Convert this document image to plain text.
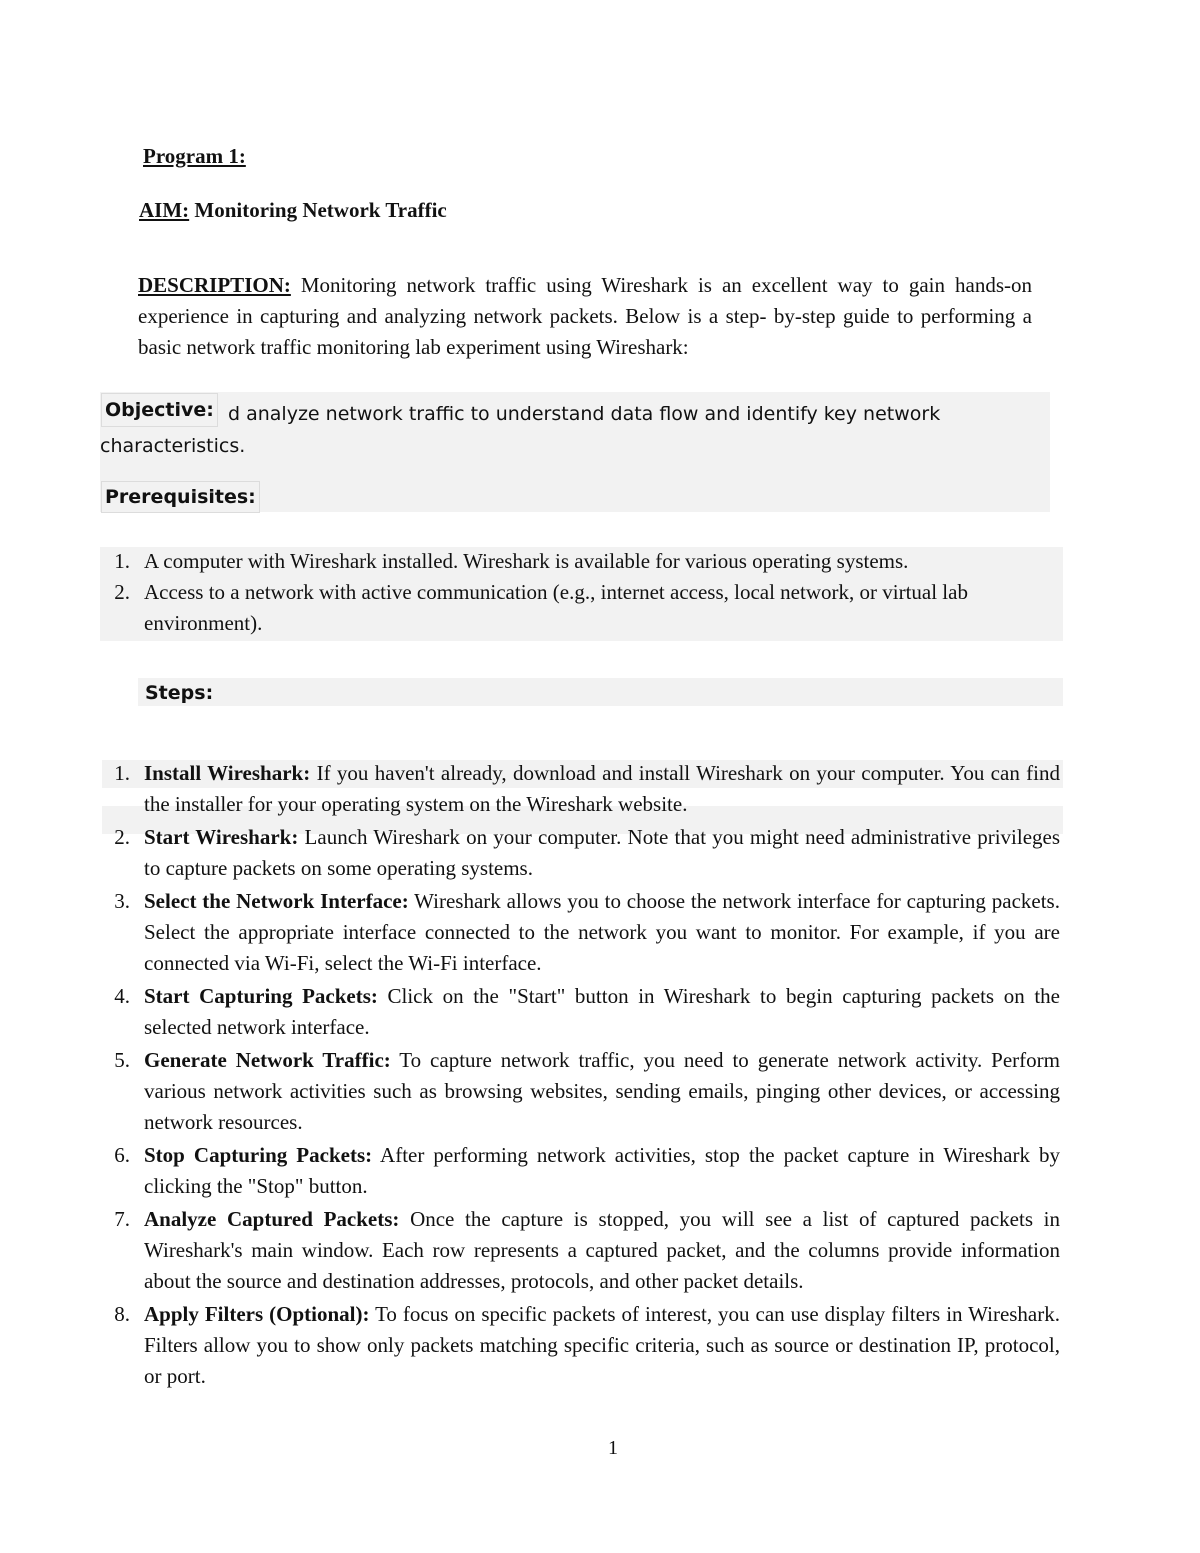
Program 1:
AIM: Monitoring Network Traffic
DESCRIPTION: Monitoring network traffic using Wireshark is an excellent way to gain hands-on experience in capturing and analyzing network packets. Below is a step- by-step guide to performing a basic network traffic monitoring lab experiment using Wireshark:
d analyze network traffic to understand data flow and identify key network characteristics.
Objective:
Prerequisites:
1. A computer with Wireshark installed. Wireshark is available for various operating systems.
2. Access to a network with active communication (e.g., internet access, local network, or virtual lab environment).
Steps:
1. Install Wireshark: If you haven't already, download and install Wireshark on your computer. You can find the installer for your operating system on the Wireshark website.
2. Start Wireshark: Launch Wireshark on your computer. Note that you might need administrative privileges to capture packets on some operating systems.
3. Select the Network Interface: Wireshark allows you to choose the network interface for capturing packets. Select the appropriate interface connected to the network you want to monitor. For example, if you are connected via Wi-Fi, select the Wi-Fi interface.
4. Start Capturing Packets: Click on the "Start" button in Wireshark to begin capturing packets on the selected network interface.
5. Generate Network Traffic: To capture network traffic, you need to generate network activity. Perform various network activities such as browsing websites, sending emails, pinging other devices, or accessing network resources.
6. Stop Capturing Packets: After performing network activities, stop the packet capture in Wireshark by clicking the "Stop" button.
7. Analyze Captured Packets: Once the capture is stopped, you will see a list of captured packets in Wireshark's main window. Each row represents a captured packet, and the columns provide information about the source and destination addresses, protocols, and other packet details.
8. Apply Filters (Optional): To focus on specific packets of interest, you can use display filters in Wireshark. Filters allow you to show only packets matching specific criteria, such as source or destination IP, protocol, or port.
1
